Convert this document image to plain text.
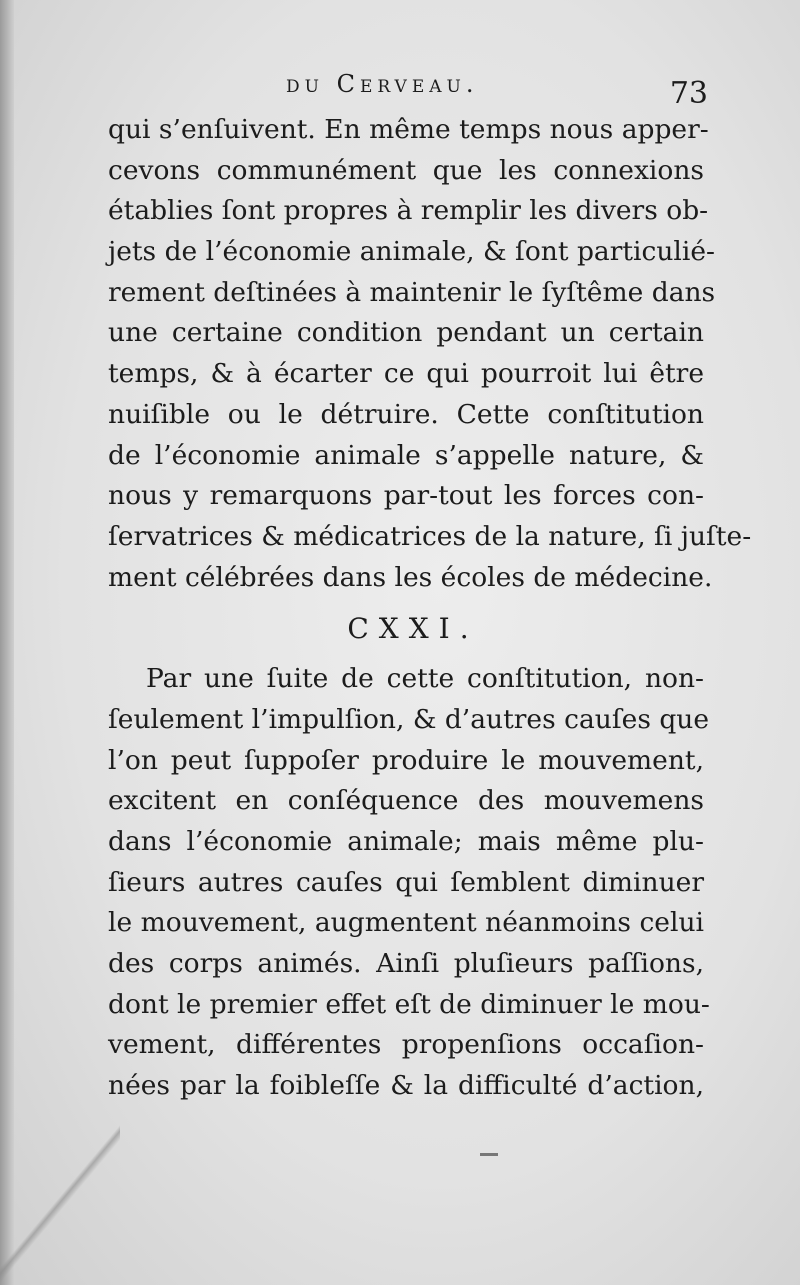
du Cerveau.	73
qui s’enſuivent. En même temps nous apper-
cevons communément que les connexions
établies ſont propres à remplir les divers ob-
jets de l’économie animale, & ſont particulié-
rement deſtinées à maintenir le ſyſtême dans
une certaine condition pendant un certain
temps, & à écarter ce qui pourroit lui être
nuiſible ou le détruire. Cette conſtitution
de l’économie animale s’appelle nature, &
nous y remarquons par-tout les forces con-
ſervatrices & médicatrices de la nature, ſi juſte-
ment célébrées dans les écoles de médecine.
CXXI.
Par une ſuite de cette conſtitution, non-
ſeulement l’impulſion, & d’autres cauſes que
l’on peut ſuppoſer produire le mouvement,
excitent en conſéquence des mouvemens
dans l’économie animale; mais même plu-
ſieurs autres cauſes qui ſemblent diminuer
le mouvement, augmentent néanmoins celui
des corps animés. Ainſi pluſieurs paſſions,
dont le premier effet eſt de diminuer le mou-
vement, différentes propenſions occaſion-
nées par la foibleſſe & la difficulté d’action,
